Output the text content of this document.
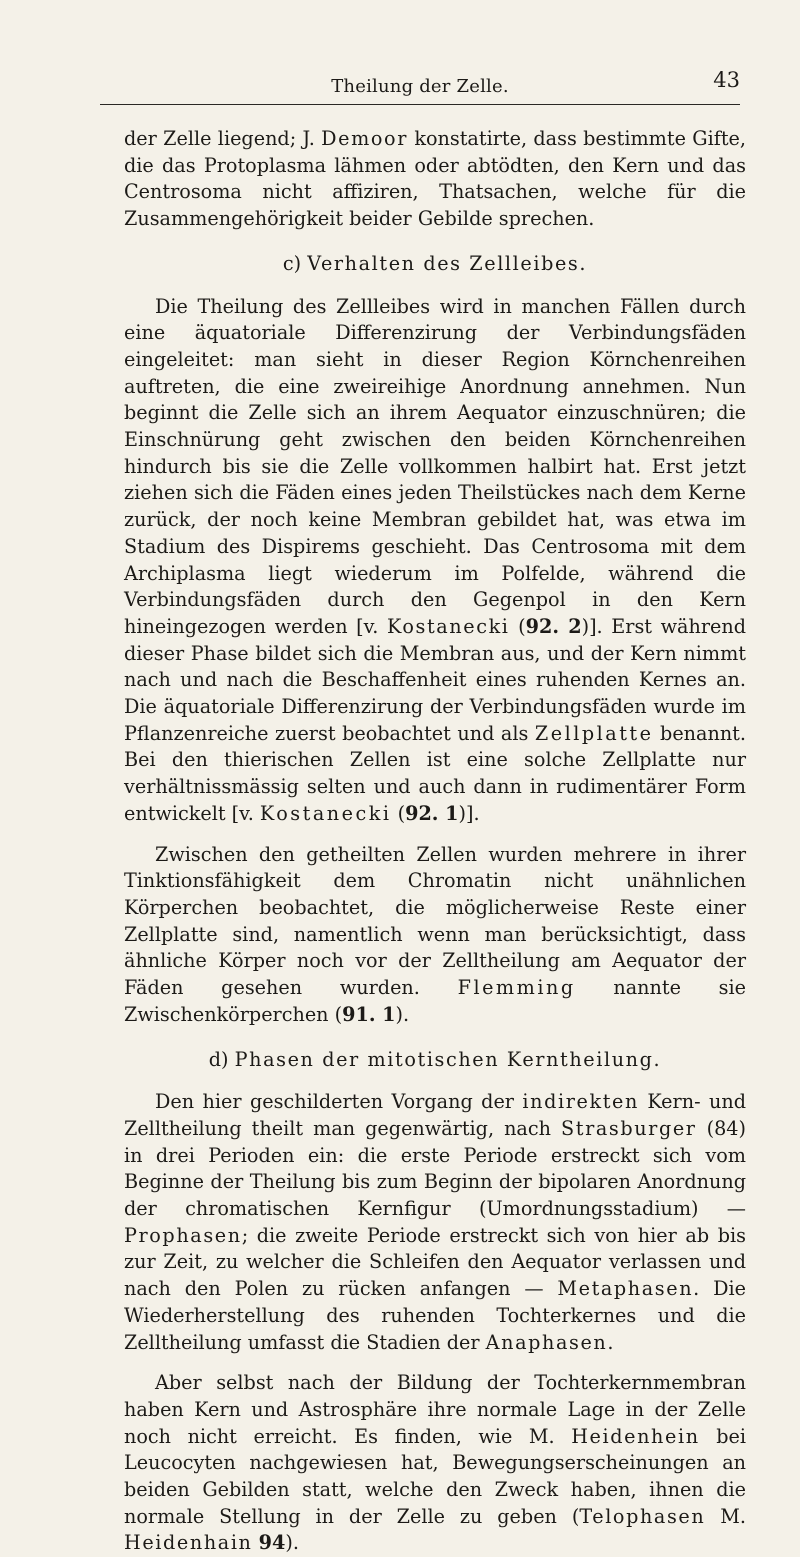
Theilung der Zelle.	43

der Zelle liegend; J. Demoor konstatirte, dass bestimmte Gifte, die das Protoplasma lähmen oder abtödten, den Kern und das Centrosoma nicht affiziren, Thatsachen, welche für die Zusammengehörigkeit beider Gebilde sprechen.

c) Verhalten des Zellleibes.

Die Theilung des Zellleibes wird in manchen Fällen durch eine äquatoriale Differenzirung der Verbindungsfäden eingeleitet: man sieht in dieser Region Körnchenreihen auftreten, die eine zweireihige Anordnung annehmen. Nun beginnt die Zelle sich an ihrem Aequator einzuschnüren; die Einschnürung geht zwischen den beiden Körnchenreihen hindurch bis sie die Zelle vollkommen halbirt hat. Erst jetzt ziehen sich die Fäden eines jeden Theilstückes nach dem Kerne zurück, der noch keine Membran gebildet hat, was etwa im Stadium des Dispirems geschieht. Das Centrosoma mit dem Archiplasma liegt wiederum im Polfelde, während die Verbindungsfäden durch den Gegenpol in den Kern hineingezogen werden [v. Kostanecki (92. 2)]. Erst während dieser Phase bildet sich die Membran aus, und der Kern nimmt nach und nach die Beschaffenheit eines ruhenden Kernes an. Die äquatoriale Differenzirung der Verbindungsfäden wurde im Pflanzenreiche zuerst beobachtet und als Zellplatte benannt. Bei den thierischen Zellen ist eine solche Zellplatte nur verhältnissmässig selten und auch dann in rudimentärer Form entwickelt [v. Kostanecki (92. 1)].

Zwischen den getheilten Zellen wurden mehrere in ihrer Tinktionsfähigkeit dem Chromatin nicht unähnlichen Körperchen beobachtet, die möglicherweise Reste einer Zellplatte sind, namentlich wenn man berücksichtigt, dass ähnliche Körper noch vor der Zelltheilung am Aequator der Fäden gesehen wurden. Flemming nannte sie Zwischenkörperchen (91. 1).

d) Phasen der mitotischen Kerntheilung.

Den hier geschilderten Vorgang der indirekten Kern- und Zelltheilung theilt man gegenwärtig, nach Strasburger (84) in drei Perioden ein: die erste Periode erstreckt sich vom Beginne der Theilung bis zum Beginn der bipolaren Anordnung der chromatischen Kernfigur (Umordnungsstadium) — Prophasen; die zweite Periode erstreckt sich von hier ab bis zur Zeit, zu welcher die Schleifen den Aequator verlassen und nach den Polen zu rücken anfangen — Metaphasen. Die Wiederherstellung des ruhenden Tochterkernes und die Zelltheilung umfasst die Stadien der Anaphasen.

Aber selbst nach der Bildung der Tochterkernmembran haben Kern und Astrosphäre ihre normale Lage in der Zelle noch nicht erreicht. Es finden, wie M. Heidenhein bei Leucocyten nachgewiesen hat, Bewegungserscheinungen an beiden Gebilden statt, welche den Zweck haben, ihnen die normale Stellung in der Zelle zu geben (Telophasen M. Heidenhain 94).
